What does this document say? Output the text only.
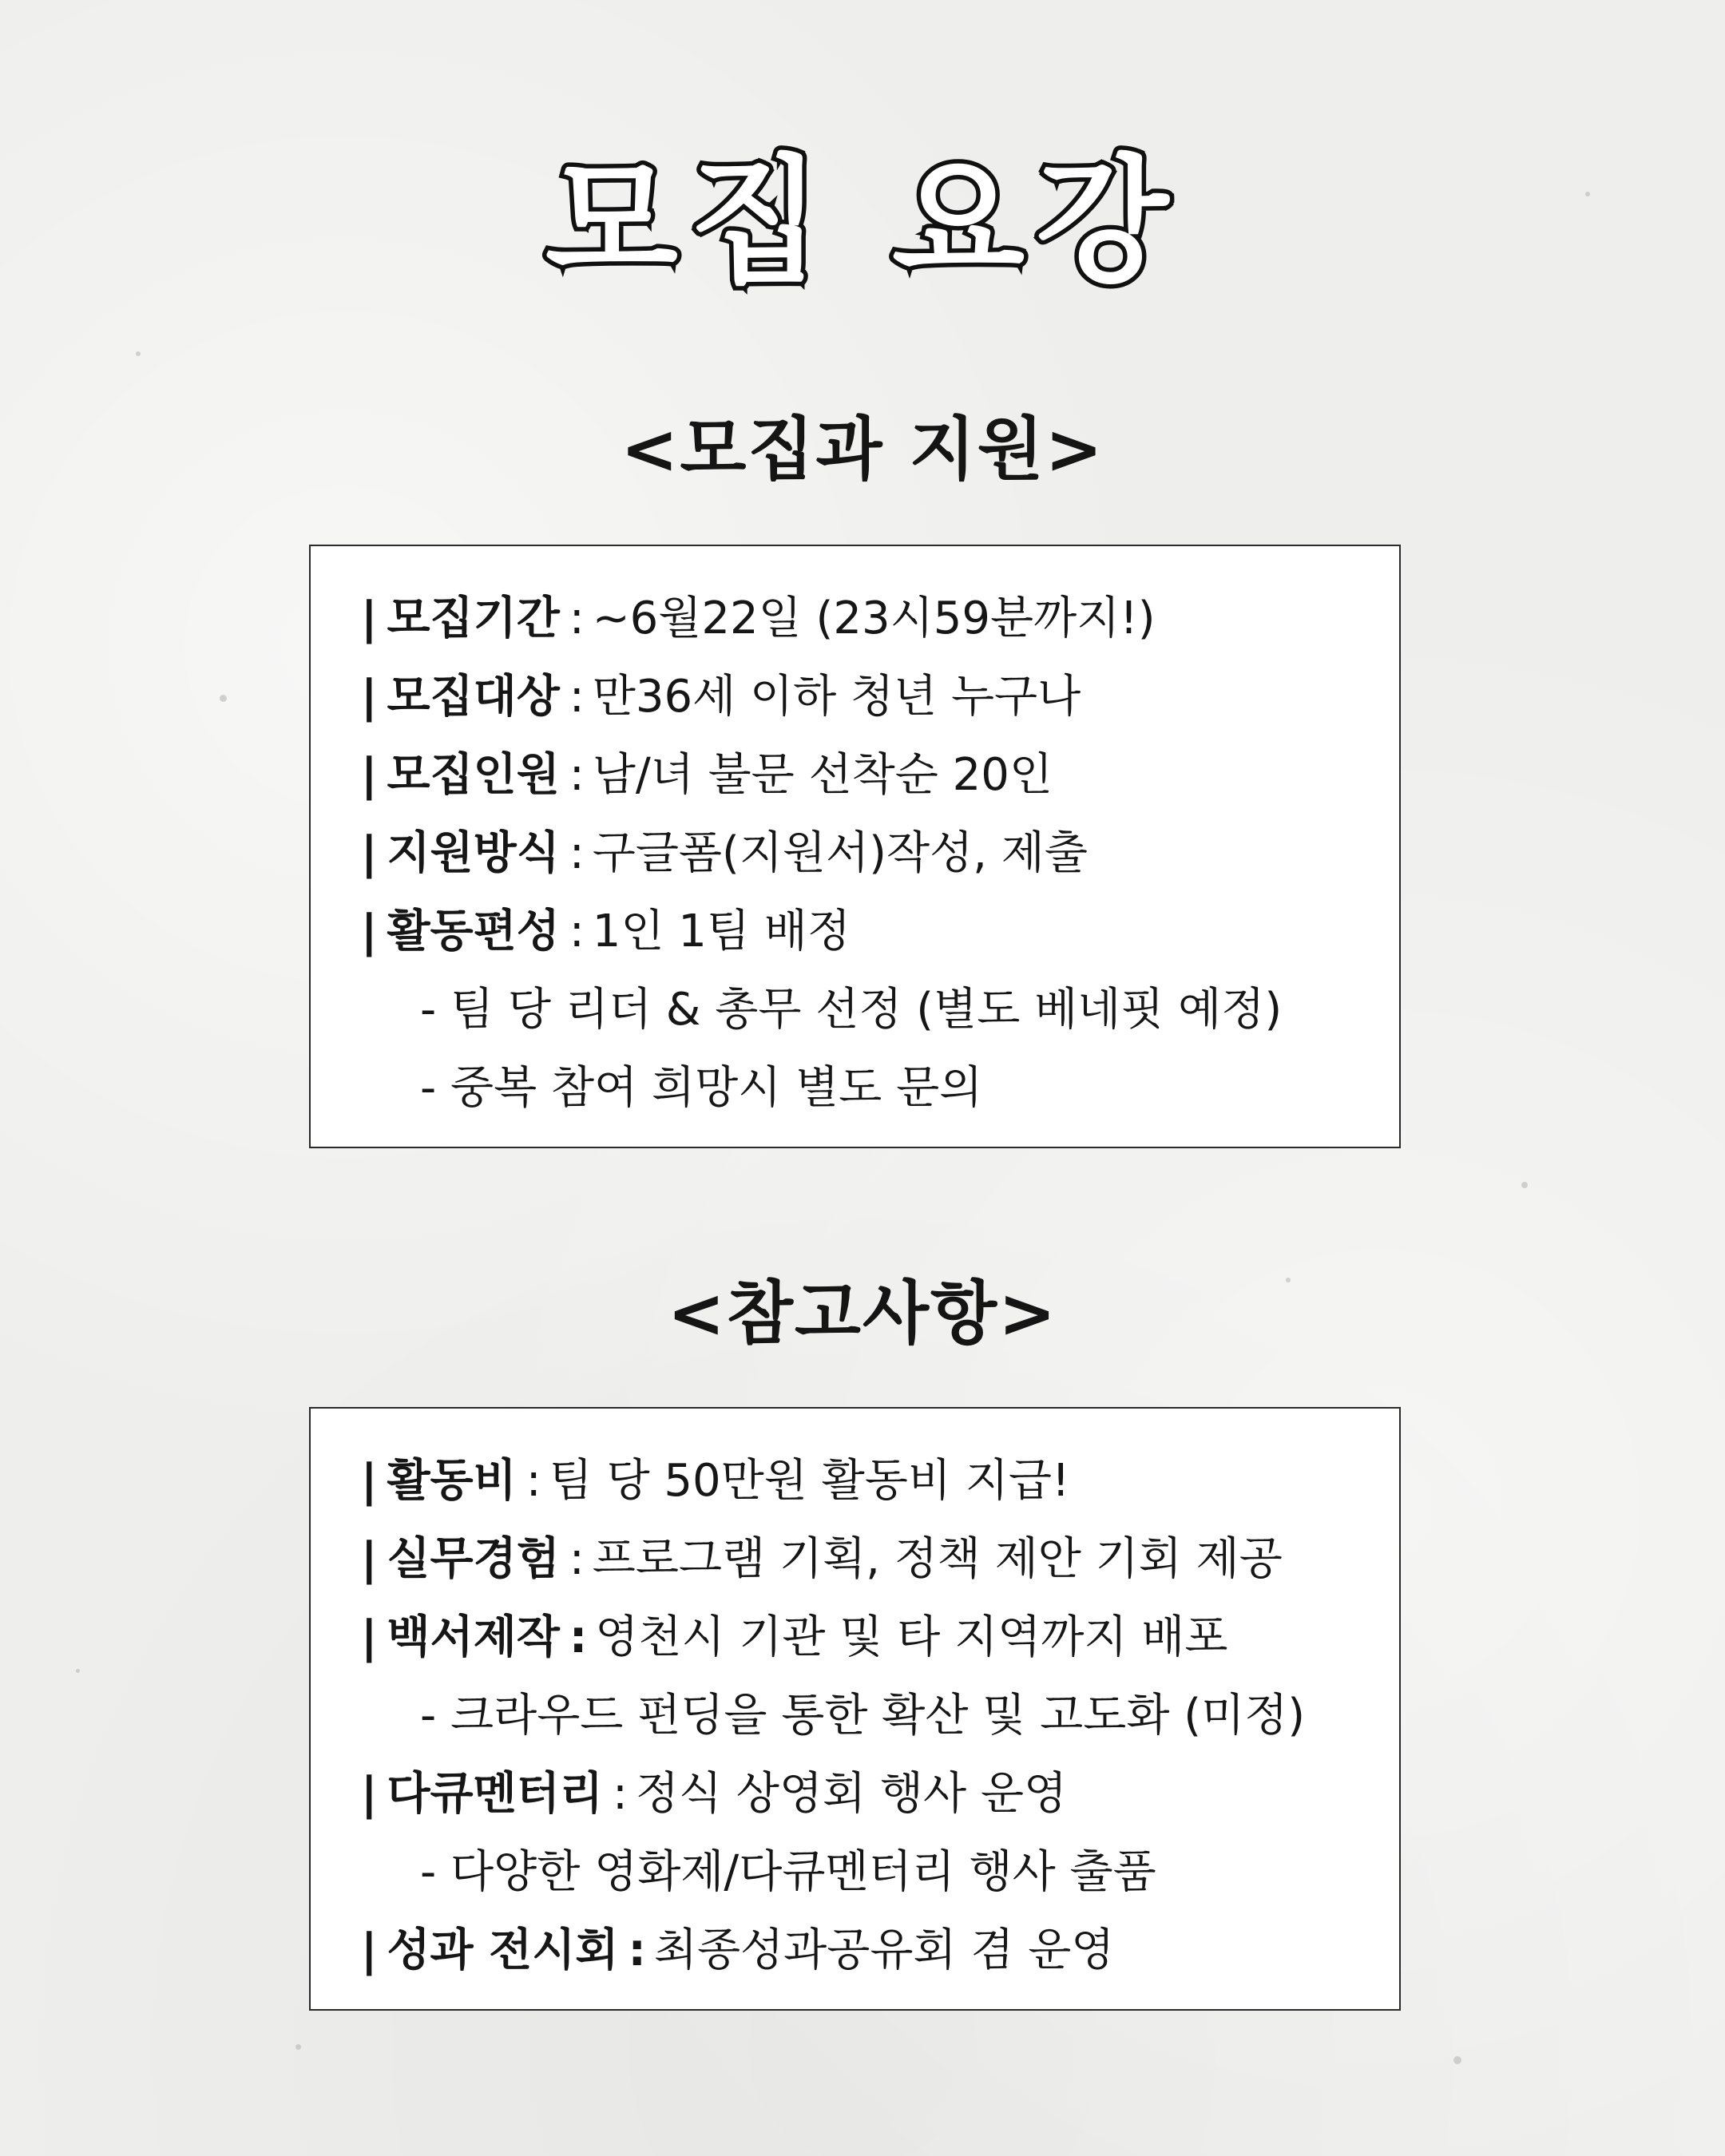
모집 요강
<모집과 지원>
| 모집기간 : ~6월22일 (23시59분까지!)
| 모집대상 : 만36세 이하 청년 누구나
| 모집인원 : 남/녀 불문 선착순 20인
| 지원방식 : 구글폼(지원서)작성, 제출
| 활동편성 : 1인 1팀 배정
- 팀 당 리더 & 총무 선정 (별도 베네핏 예정)
- 중복 참여 희망시 별도 문의
<참고사항>
| 활동비 : 팀 당 50만원 활동비 지급!
| 실무경험 : 프로그램 기획, 정책 제안 기회 제공
| 백서제작 : 영천시 기관 및 타 지역까지 배포
- 크라우드 펀딩을 통한 확산 및 고도화 (미정)
| 다큐멘터리 : 정식 상영회 행사 운영
- 다양한 영화제/다큐멘터리 행사 출품
| 성과 전시회 : 최종성과공유회 겸 운영
